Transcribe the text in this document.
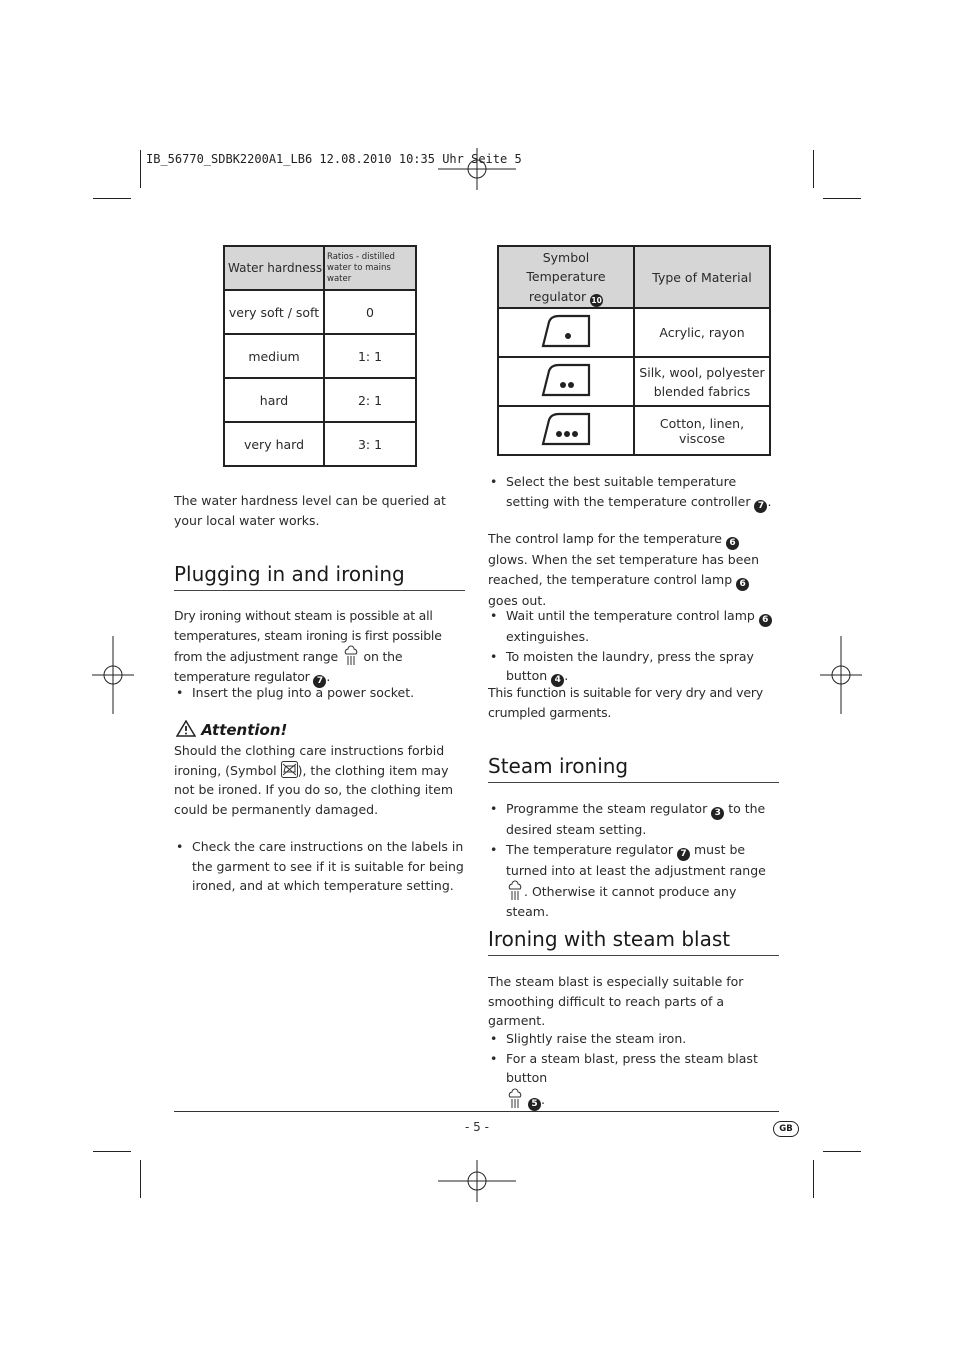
IB_56770_SDBK2200A1_LB6 12.08.2010 10:35 Uhr Seite 5
Water hardness	Ratios - distilled
water to mains water

very soft / soft	0
medium	1: 1
hard	2: 1
very hard	3: 1

The water hardness level can be queried at your local water works.

Plugging in and ironing

Dry ironing without steam is possible at all temperatures, steam ironing is first possible from the adjustment range on the temperature regulator 7 .

• Insert the plug into a power socket.
Attention!

Should the clothing care instructions forbid ironing, (Symbol ), the clothing item may not be ironed. If you do so, the clothing item could be permanently damaged.

• Check the care instructions on the labels in the garment to see if it is suitable for being ironed, and at which temperature setting.
Symbol
Temperature
regulator 10	Type of Material
	Acrylic, rayon

Silk, wool, polyester
blended fabrics

	Cotton, linen, viscose
• Select the best suitable temperature setting with the temperature controller 7 .

The control lamp for the temperature 6 glows. When the set temperature has been reached, the temperature control lamp 6 goes out.

• Wait until the temperature control lamp 6 extinguishes.
• To moisten the laundry, press the spray button 4 .

This function is suitable for very dry and very crumpled garments.

Steam ironing
• Programme the steam regulator 3 to the desired steam setting.
• The temperature regulator 7 must be turned into at least the adjustment range . Otherwise it cannot produce any steam.
Ironing with steam blast

The steam blast is especially suitable for smoothing difficult to reach parts of a garment.

• Slightly raise the steam iron.
• For a steam blast, press the steam blast button
5 .
- 5 -	GB
